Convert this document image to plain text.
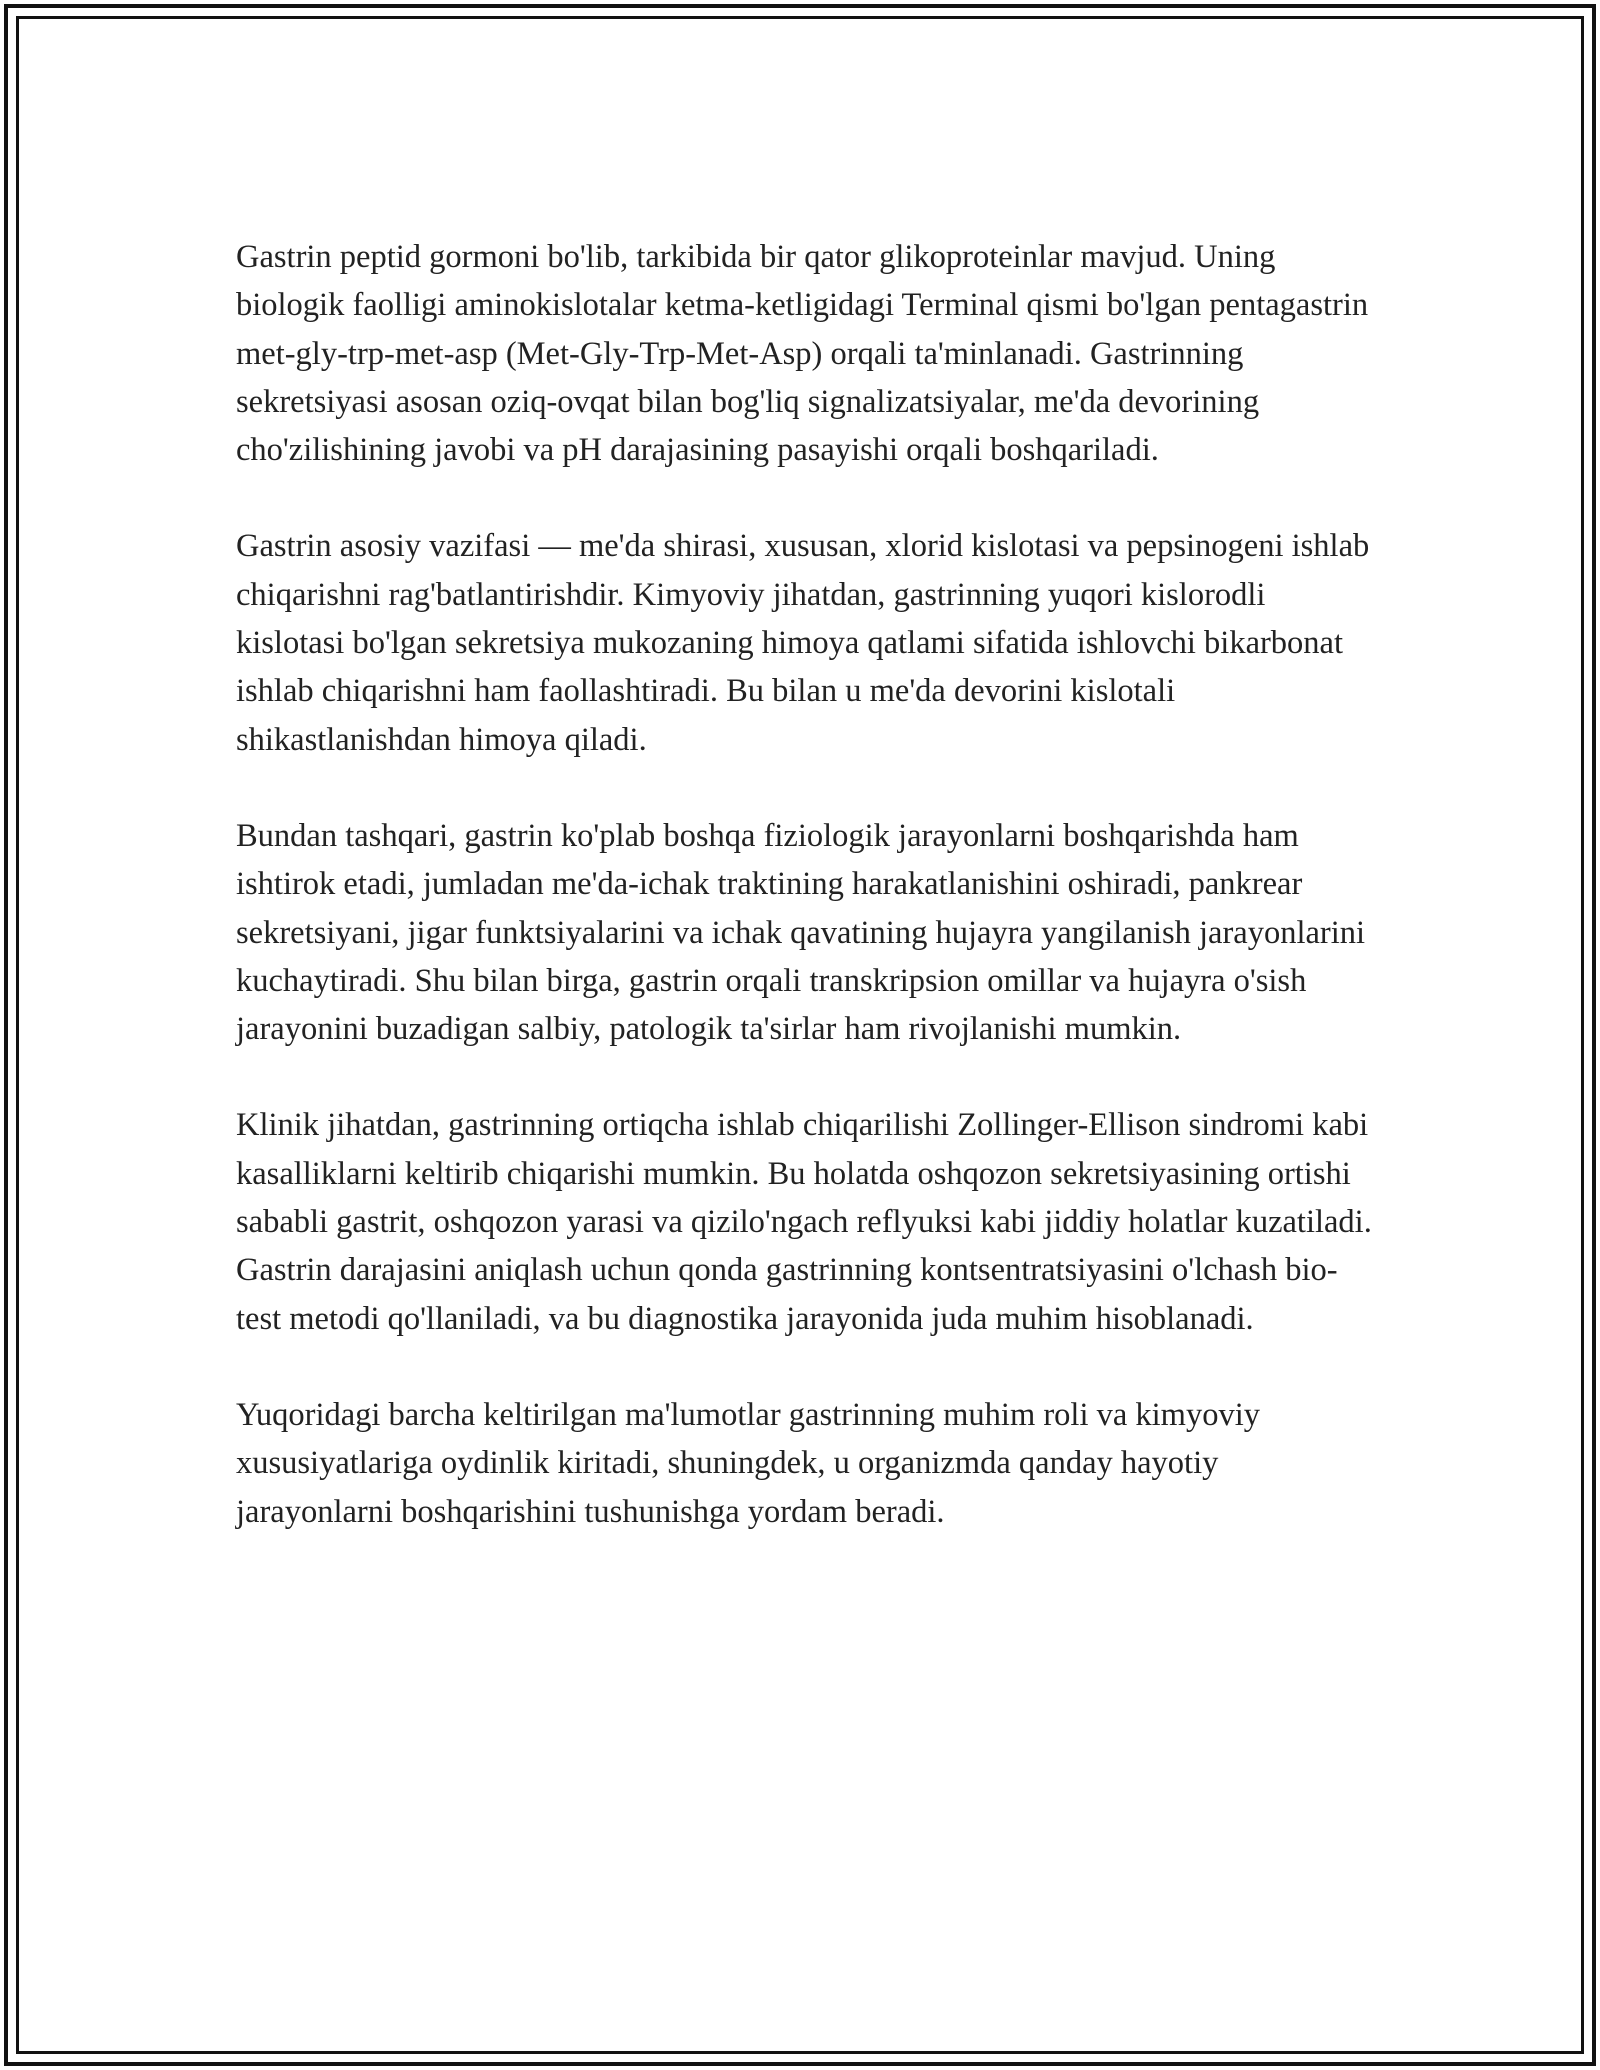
Gastrin peptid gormoni bo'lib, tarkibida bir qator glikoproteinlar mavjud. Uning biologik faolligi aminokislotalar ketma-ketligidagi Terminal qismi bo'lgan pentagastrin met-gly-trp-met-asp (Met-Gly-Trp-Met-Asp) orqali ta'minlanadi. Gastrinning sekretsiyasi asosan oziq-ovqat bilan bog'liq signalizatsiyalar, me'da devorining cho'zilishining javobi va pH darajasining pasayishi orqali boshqariladi.

Gastrin asosiy vazifasi — me'da shirasi, xususan, xlorid kislotasi va pepsinogeni ishlab chiqarishni rag'batlantirishdir. Kimyoviy jihatdan, gastrinning yuqori kislorodli kislotasi bo'lgan sekretsiya mukozaning himoya qatlami sifatida ishlovchi bikarbonat ishlab chiqarishni ham faollashtiradi. Bu bilan u me'da devorini kislotali shikastlanishdan himoya qiladi.

Bundan tashqari, gastrin ko'plab boshqa fiziologik jarayonlarni boshqarishda ham ishtirok etadi, jumladan me'da-ichak traktining harakatlanishini oshiradi, pankrear sekretsiyani, jigar funktsiyalarini va ichak qavatining hujayra yangilanish jarayonlarini kuchaytiradi. Shu bilan birga, gastrin orqali transkripsion omillar va hujayra o'sish jarayonini buzadigan salbiy, patologik ta'sirlar ham rivojlanishi mumkin.

Klinik jihatdan, gastrinning ortiqcha ishlab chiqarilishi Zollinger-Ellison sindromi kabi kasalliklarni keltirib chiqarishi mumkin. Bu holatda oshqozon sekretsiyasining ortishi sababli gastrit, oshqozon yarasi va qizilo'ngach reflyuksi kabi jiddiy holatlar kuzatiladi. Gastrin darajasini aniqlash uchun qonda gastrinning kontsentratsiyasini o'lchash bio-test metodi qo'llaniladi, va bu diagnostika jarayonida juda muhim hisoblanadi.

Yuqoridagi barcha keltirilgan ma'lumotlar gastrinning muhim roli va kimyoviy xususiyatlariga oydinlik kiritadi, shuningdek, u organizmda qanday hayotiy jarayonlarni boshqarishini tushunishga yordam beradi.
